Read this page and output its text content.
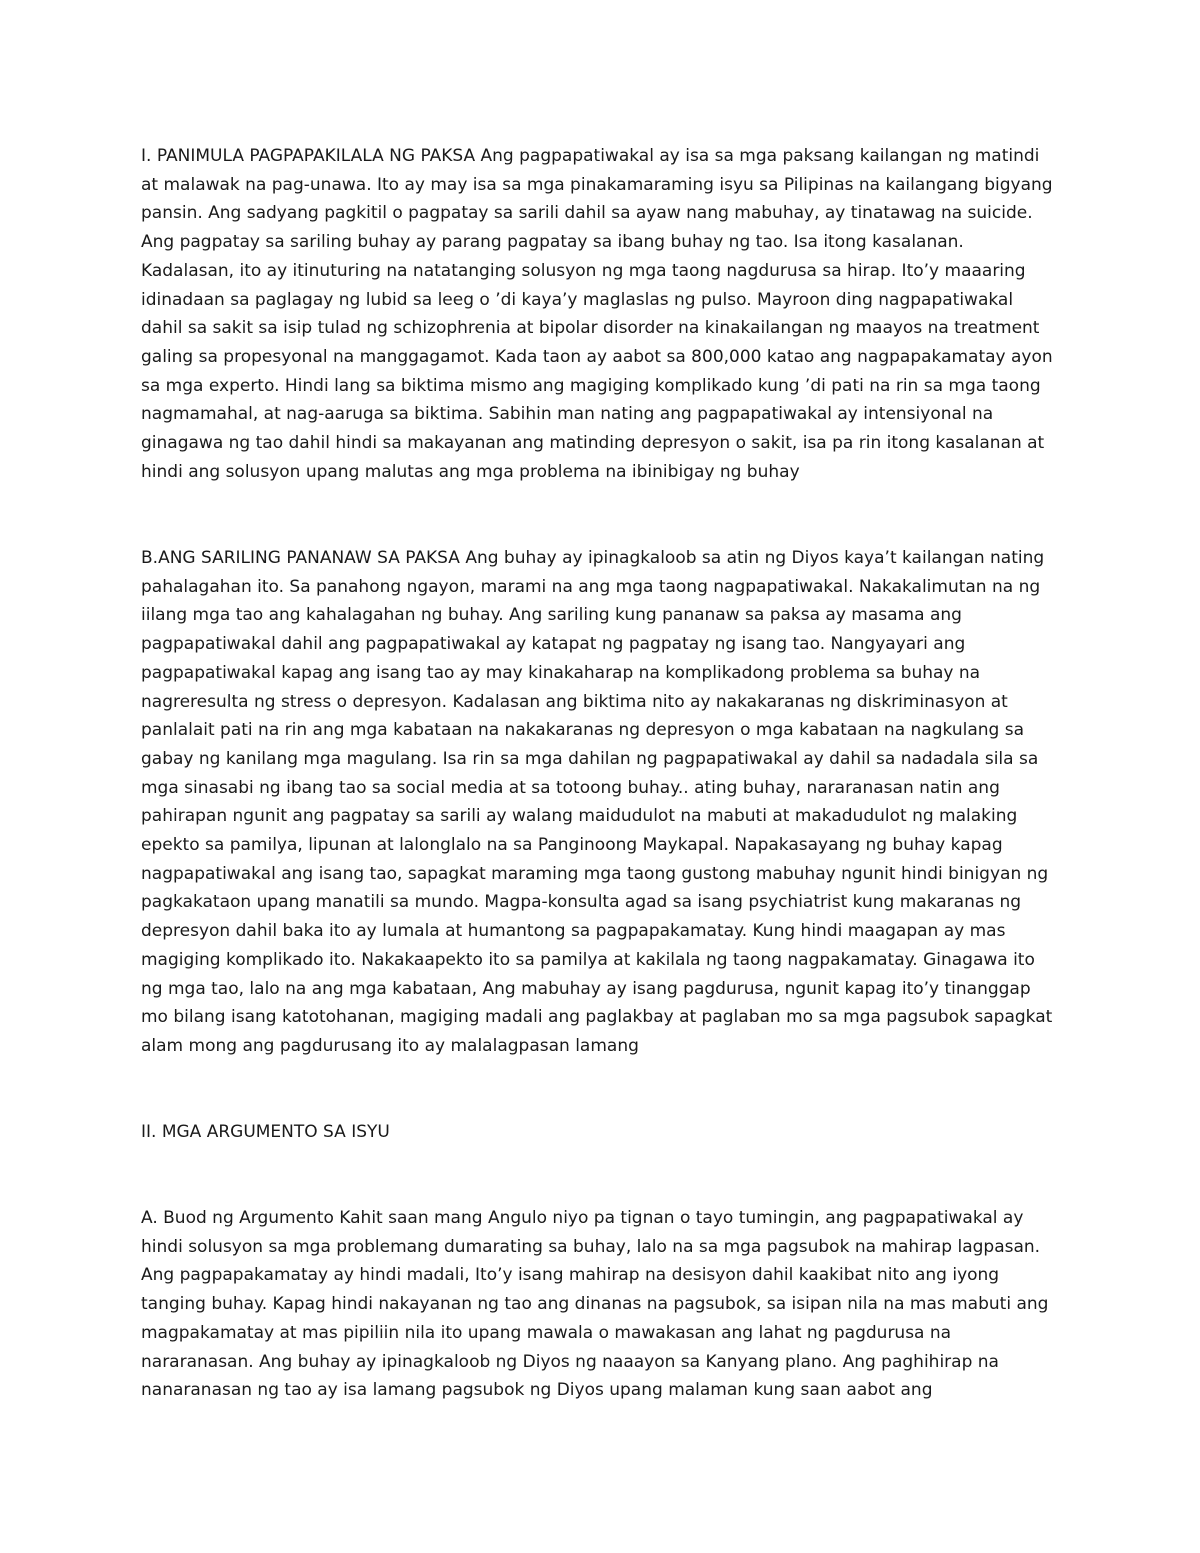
I. PANIMULA PAGPAPAKILALA NG PAKSA Ang pagpapatiwakal ay isa sa mga paksang kailangan ng matindi
at malawak na pag-unawa. Ito ay may isa sa mga pinakamaraming isyu sa Pilipinas na kailangang bigyang
pansin. Ang sadyang pagkitil o pagpatay sa sarili dahil sa ayaw nang mabuhay, ay tinatawag na suicide.
Ang pagpatay sa sariling buhay ay parang pagpatay sa ibang buhay ng tao. Isa itong kasalanan.
Kadalasan, ito ay itinuturing na natatanging solusyon ng mga taong nagdurusa sa hirap. Ito’y maaaring
idinadaan sa paglagay ng lubid sa leeg o ’di kaya’y maglaslas ng pulso. Mayroon ding nagpapatiwakal
dahil sa sakit sa isip tulad ng schizophrenia at bipolar disorder na kinakailangan ng maayos na treatment
galing sa propesyonal na manggagamot. Kada taon ay aabot sa 800,000 katao ang nagpapakamatay ayon
sa mga experto. Hindi lang sa biktima mismo ang magiging komplikado kung ’di pati na rin sa mga taong
nagmamahal, at nag-aaruga sa biktima. Sabihin man nating ang pagpapatiwakal ay intensiyonal na
ginagawa ng tao dahil hindi sa makayanan ang matinding depresyon o sakit, isa pa rin itong kasalanan at
hindi ang solusyon upang malutas ang mga problema na ibinibigay ng buhay
B.ANG SARILING PANANAW SA PAKSA Ang buhay ay ipinagkaloob sa atin ng Diyos kaya’t kailangan nating
pahalagahan ito. Sa panahong ngayon, marami na ang mga taong nagpapatiwakal. Nakakalimutan na ng
iilang mga tao ang kahalagahan ng buhay. Ang sariling kung pananaw sa paksa ay masama ang
pagpapatiwakal dahil ang pagpapatiwakal ay katapat ng pagpatay ng isang tao. Nangyayari ang
pagpapatiwakal kapag ang isang tao ay may kinakaharap na komplikadong problema sa buhay na
nagreresulta ng stress o depresyon. Kadalasan ang biktima nito ay nakakaranas ng diskriminasyon at
panlalait pati na rin ang mga kabataan na nakakaranas ng depresyon o mga kabataan na nagkulang sa
gabay ng kanilang mga magulang. Isa rin sa mga dahilan ng pagpapatiwakal ay dahil sa nadadala sila sa
mga sinasabi ng ibang tao sa social media at sa totoong buhay.. ating buhay, nararanasan natin ang
pahirapan ngunit ang pagpatay sa sarili ay walang maidudulot na mabuti at makadudulot ng malaking
epekto sa pamilya, lipunan at lalonglalo na sa Panginoong Maykapal. Napakasayang ng buhay kapag
nagpapatiwakal ang isang tao, sapagkat maraming mga taong gustong mabuhay ngunit hindi binigyan ng
pagkakataon upang manatili sa mundo. Magpa-konsulta agad sa isang psychiatrist kung makaranas ng
depresyon dahil baka ito ay lumala at humantong sa pagpapakamatay. Kung hindi maagapan ay mas
magiging komplikado ito. Nakakaapekto ito sa pamilya at kakilala ng taong nagpakamatay. Ginagawa ito
ng mga tao, lalo na ang mga kabataan, Ang mabuhay ay isang pagdurusa, ngunit kapag ito’y tinanggap
mo bilang isang katotohanan, magiging madali ang paglakbay at paglaban mo sa mga pagsubok sapagkat
alam mong ang pagdurusang ito ay malalagpasan lamang
II. MGA ARGUMENTO SA ISYU
A. Buod ng Argumento Kahit saan mang Angulo niyo pa tignan o tayo tumingin, ang pagpapatiwakal ay
hindi solusyon sa mga problemang dumarating sa buhay, lalo na sa mga pagsubok na mahirap lagpasan.
Ang pagpapakamatay ay hindi madali, Ito’y isang mahirap na desisyon dahil kaakibat nito ang iyong
tanging buhay. Kapag hindi nakayanan ng tao ang dinanas na pagsubok, sa isipan nila na mas mabuti ang
magpakamatay at mas pipiliin nila ito upang mawala o mawakasan ang lahat ng pagdurusa na
nararanasan. Ang buhay ay ipinagkaloob ng Diyos ng naaayon sa Kanyang plano. Ang paghihirap na
nanaranasan ng tao ay isa lamang pagsubok ng Diyos upang malaman kung saan aabot ang
